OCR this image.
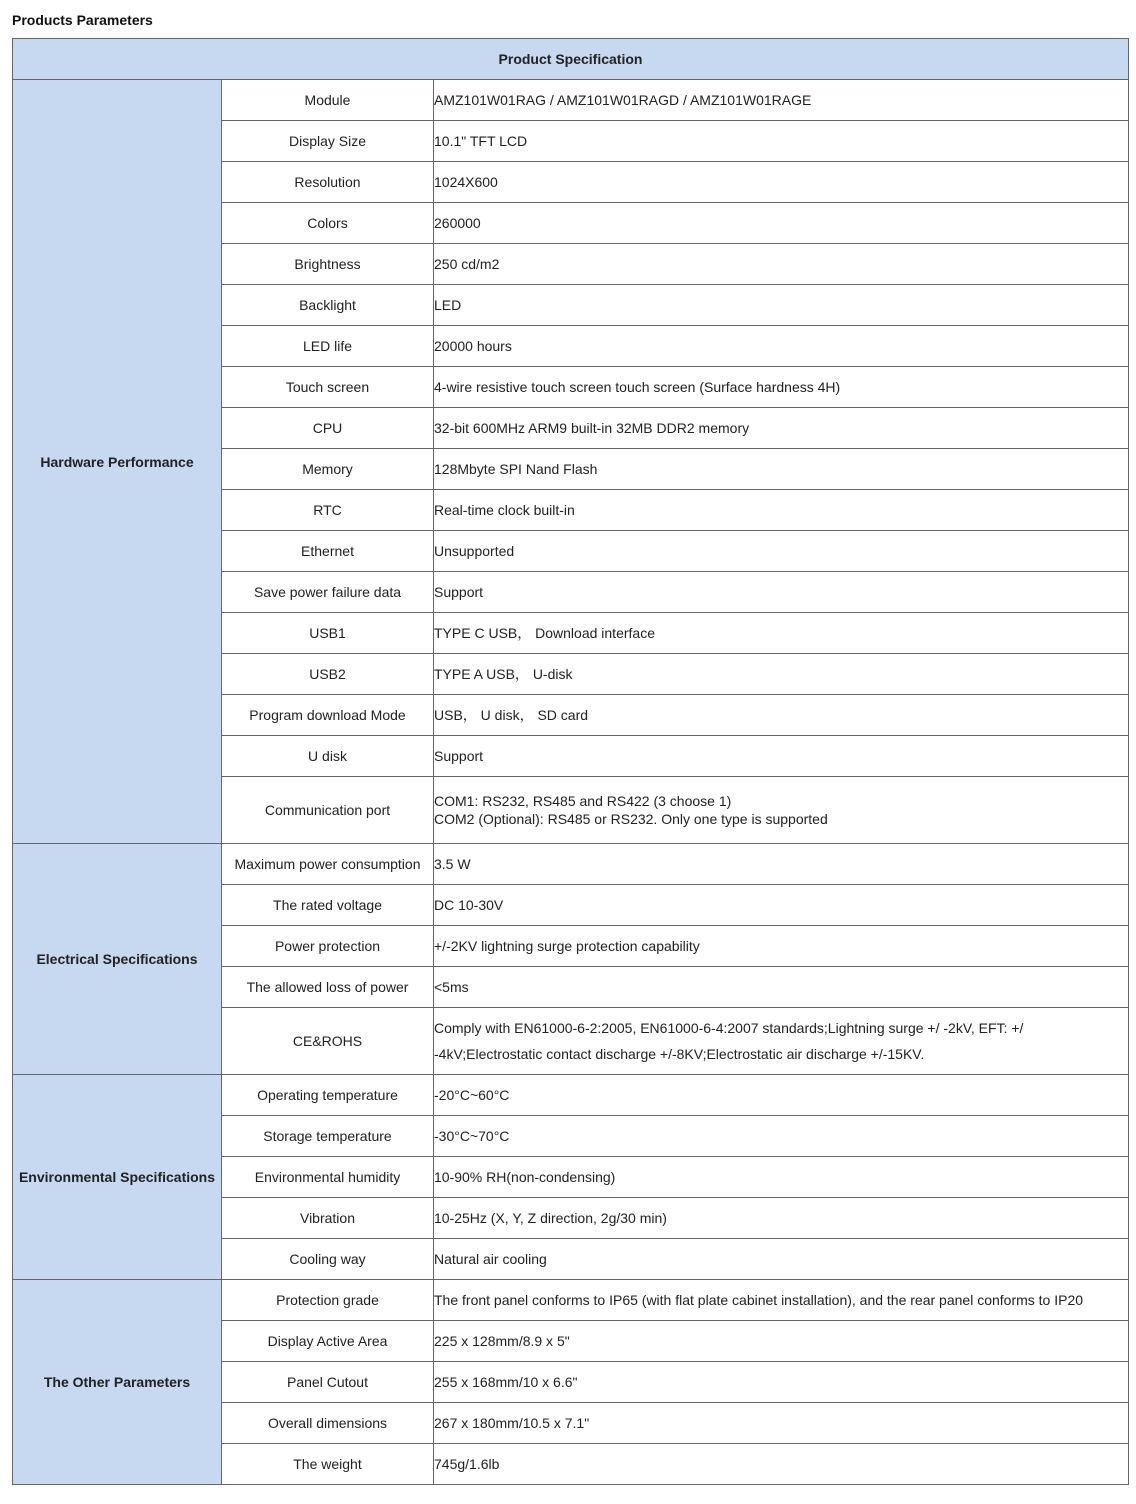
Products Parameters
Product Specification		
Hardware Performance	Module	AMZ101W01RAG / AMZ101W01RAGD / AMZ101W01RAGE
	Display Size	10.1" TFT LCD
	Resolution	1024X600
	Colors	260000
	Brightness	250 cd/m2
	Backlight	LED
	LED life	20000 hours
	Touch screen	4-wire resistive touch screen touch screen (Surface hardness 4H)
	CPU	32-bit 600MHz ARM9 built-in 32MB DDR2 memory
	Memory	128Mbyte SPI Nand Flash
	RTC	Real-time clock built-in
	Ethernet	Unsupported
	Save power failure data	Support
	USB1	TYPE C USB， Download interface
	USB2	TYPE A USB， U-disk
	Program download Mode	USB， U disk， SD card
	U disk	Support
	Communication port	COM1: RS232, RS485 and RS422 (3 choose 1)
COM2 (Optional): RS485 or RS232. Only one type is supported

Electrical Specifications	Maximum power consumption	3.5 W
	The rated voltage	DC 10-30V
	Power protection	+/-2KV lightning surge protection capability
	The allowed loss of power	<5ms
	CE&ROHS	Comply with EN61000-6-2:2005, EN61000-6-4:2007 standards;Lightning surge +/ -2kV, EFT: +/
-4kV;Electrostatic contact discharge +/-8KV;Electrostatic air discharge +/-15KV.

Environmental Specifications	Operating temperature	-20°C~60°C
	Storage temperature	-30°C~70°C
	Environmental humidity	10-90% RH(non-condensing)
	Vibration	10-25Hz (X, Y, Z direction, 2g/30 min)
	Cooling way	Natural air cooling
The Other Parameters	Protection grade	The front panel conforms to IP65 (with flat plate cabinet installation), and the rear panel conforms to IP20
	Display Active Area	225 x 128mm/8.9 x 5"
	Panel Cutout	255 x 168mm/10 x 6.6"
	Overall dimensions	267 x 180mm/10.5 x 7.1"
	The weight	745g/1.6lb
